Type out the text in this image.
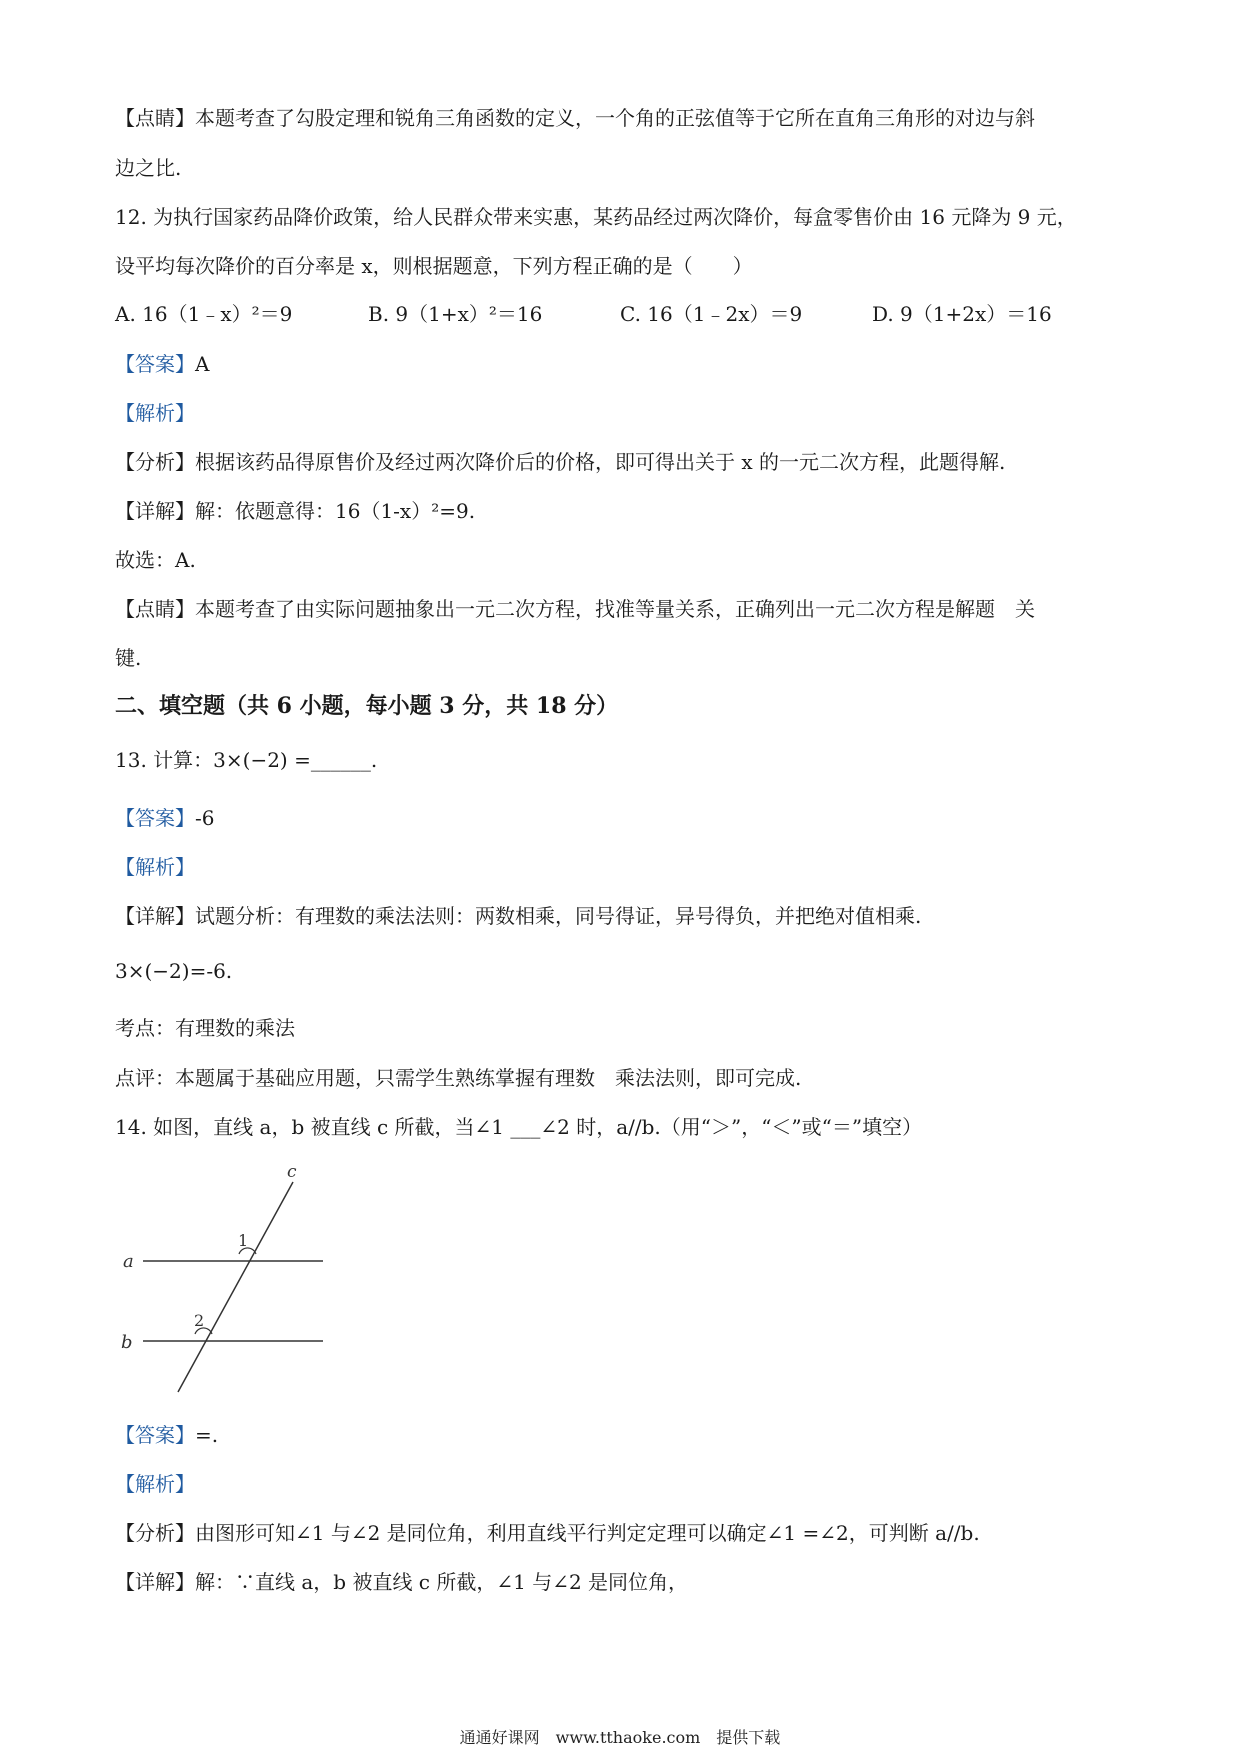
【点睛】本题考查了勾股定理和锐角三角函数的定义，一个角的正弦值等于它所在直角三角形的对边与斜
边之比.
12. 为执行国家药品降价政策，给人民群众带来实惠，某药品经过两次降价，每盒零售价由 16 元降为 9 元，
设平均每次降价的百分率是 x，则根据题意，下列方程正确的是（　　）
A. 16（1﹣x）²＝9	B. 9（1+x）²＝16	C. 16（1﹣2x）＝9	D. 9（1+2x）＝16
【答案】A
【解析】
【分析】根据该药品得原售价及经过两次降价后的价格，即可得出关于 x 的一元二次方程，此题得解.
【详解】解：依题意得：16（1-x）²=9.
故选：A.
【点睛】本题考查了由实际问题抽象出一元二次方程，找准等量关系，正确列出一元二次方程是解题　关
键.
二、填空题（共 6 小题，每小题 3 分，共 18 分）
13. 计算：3×(−2) =______.
【答案】-6
【解析】
【详解】试题分析：有理数的乘法法则：两数相乘，同号得证，异号得负，并把绝对值相乘.
3×(−2)=-6.
考点：有理数的乘法
点评：本题属于基础应用题，只需学生熟练掌握有理数　乘法法则，即可完成.
14. 如图，直线 a，b 被直线 c 所截，当∠1 ___∠2 时，a//b.（用“＞”，“＜”或“＝”填空）
c
a
b
1
2
【答案】=.
【解析】
【分析】由图形可知∠1 与∠2 是同位角，利用直线平行判定定理可以确定∠1 =∠2，可判断 a//b.
【详解】解：∵直线 a，b 被直线 c 所截，∠1 与∠2 是同位角，
通通好课网　www.tthaoke.com　提供下载
